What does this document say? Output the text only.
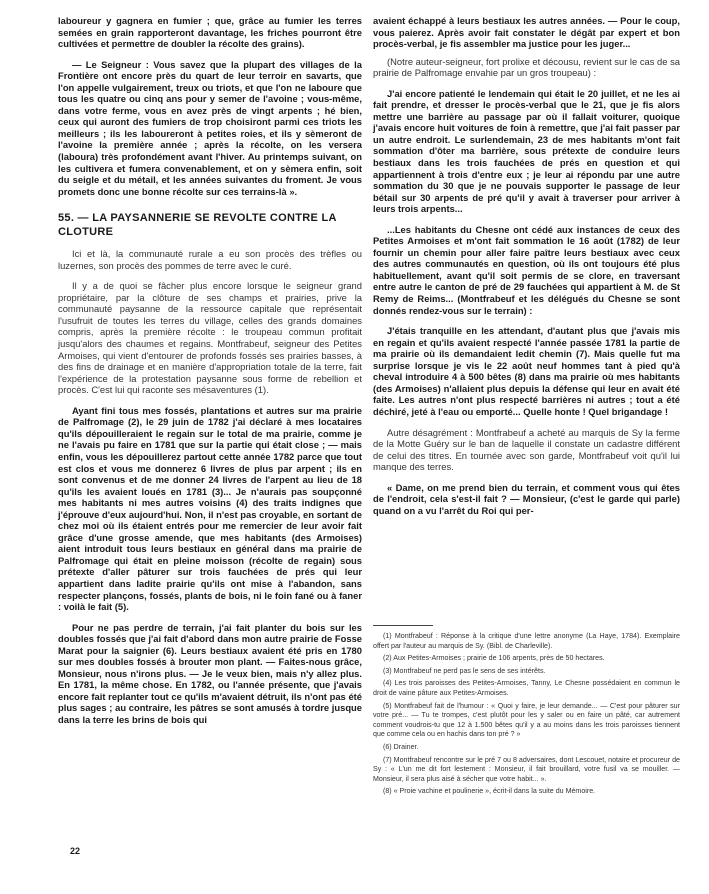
laboureur y gagnera en fumier ; que, grâce au fumier les terres semées en grain rapporteront davantage, les friches pourront être cultivées et permettre de doubler la récolte des grains).

— Le Seigneur : Vous savez que la plupart des villages de la Frontière ont encore près du quart de leur terroir en savarts, que l'on appelle vulgairement, treux ou triots, et que l'on ne laboure que tous les quatre ou cinq ans pour y semer de l'avoine ; vous-même, dans votre ferme, vous en avez près de vingt arpents ; hé bien, ceux qui auront des fumiers de trop choisiront parmi ces triots les meilleurs ; ils les laboureront à petites roies, et ils y sèmeront de l'avoine la première année ; après la récolte, on les versera (laboura) très profondément avant l'hiver. Au printemps suivant, on les cultivera et fumera convenablement, et on y sèmera enfin, soit du seigle et du métail, et les années suivantes du froment. Je vous promets donc une bonne récolte sur ces terrains-là ».

55. — LA PAYSANNERIE SE REVOLTE CONTRE LA CLOTURE

Ici et là, la communauté rurale a eu son procès des trèfles ou luzernes, son procès des pommes de terre avec le curé.

Il y a de quoi se fâcher plus encore lorsque le seigneur grand propriétaire, par la clôture de ses champs et prairies, prive la communauté paysanne de la ressource capitale que représentait l'usufruit de toutes les terres du village, celles des grands domaines compris, après la première récolte : le troupeau commun profitait jusqu'alors des chaumes et regains. Montfrabeuf, seigneur des Petites Armoises, qui vient d'entourer de profonds fossés ses prairies basses, à des fins de drainage et en manière d'appropriation totale de la terre, fait l'expérience de la protestation paysanne sous forme de rebellion et procès. C'est lui qui raconte ses mésaventures (1).

Ayant fini tous mes fossés, plantations et autres sur ma prairie de Palfromage (2), le 29 juin de 1782 j'ai déclaré à mes locataires qu'ils dépouilleraient le regain sur le total de ma prairie, comme je ne l'avais pu faire en 1781 que sur la partie qui était close ; — mais enfin, vous les dépouillerez partout cette année 1782 parce que tout est clos et vous me donnerez 6 livres de plus par arpent ; ils en sont convenus et de me donner 24 livres de l'arpent au lieu de 18 qu'ils les avaient loués en 1781 (3)... Je n'aurais pas soupçonné mes habitants ni mes autres voisins (4) des traits indignes que j'éprouve d'eux aujourd'hui. Non, il n'est pas croyable, en sortant de chez moi où ils étaient entrés pour me remercier de leur avoir fait grâce d'une grosse amende, que mes habitants (des Armoises) aient introduit tous leurs bestiaux en général dans ma prairie de Palfromage qui était en pleine moisson (récolte de regain) sous prétexte d'aller pâturer sur trois fauchées de prés qui leur appartient dans ladite prairie qu'ils ont mise à l'abandon, sans respecter plançons, fossés, plants de bois, ni le foin fané ou à faner : voilà le fait (5).

Pour ne pas perdre de terrain, j'ai fait planter du bois sur les doubles fossés que j'ai fait d'abord dans mon autre prairie de Fosse Marat pour la saignier (6). Leurs bestiaux avaient été pris en 1780 sur mes doubles fossés à brouter mon plant. — Faites-nous grâce, Monsieur, nous n'irons plus. — Je le veux bien, mais n'y allez plus. En 1781, la même chose. En 1782, ou l'année présente, que j'avais encore fait replanter tout ce qu'ils m'avaient détruit, ils n'ont pas été plus sages ; au contraire, les pâtres se sont amusés à tordre jusque dans la terre les brins de bois qui

avaient échappé à leurs bestiaux les autres années. — Pour le coup, vous paierez. Après avoir fait constater le dégât par expert et bon procès-verbal, je fis assembler ma justice pour les juger...

(Notre auteur-seigneur, fort prolixe et décousu, revient sur le cas de sa prairie de Palfromage envahie par un gros troupeau) :

J'ai encore patienté le lendemain qui était le 20 juillet, et ne les ai fait prendre, et dresser le procès-verbal que le 21, que je fis alors mettre une barrière au passage par où il fallait voiturer, quoique j'avais encore huit voitures de foin à remettre, que j'ai fait passer par un autre endroit. Le surlendemain, 23 de mes habitants m'ont fait sommation d'ôter ma barrière, sous prétexte de conduire leurs bestiaux dans les trois fauchées de prés en question et qui appartiennent à trois d'entre eux ; je leur ai répondu par une autre sommation du 30 que je ne pouvais supporter le passage de leur bétail sur 30 arpents de pré qu'il y avait à traverser pour arriver à leurs trois arpents...

...Les habitants du Chesne ont cédé aux instances de ceux des Petites Armoises et m'ont fait sommation le 16 août (1782) de leur fournir un chemin pour aller faire paître leurs bestiaux avec ceux des autres communautés en question, où ils ont toujours été plus habituellement, avant qu'il soit permis de se clore, en traversant entre autre le canton de pré de 29 fauchées qui appartient à M. de St Remy de Reims... (Montfrabeuf et les délégués du Chesne se sont donnés rendez-vous sur le terrain) :

J'étais tranquille en les attendant, d'autant plus que j'avais mis en regain et qu'ils avaient respecté l'année passée 1781 la partie de ma prairie où ils demandaient ledit chemin (7). Mais quelle fut ma surprise lorsque je vis le 22 août neuf hommes tant à pied qu'à cheval introduire 4 à 500 bêtes (8) dans ma prairie où mes habitants (des Armoises) n'allaient plus depuis la défense qui leur en avait été faite. Les autres n'ont plus respecté barrières ni autres ; tout a été déchiré, jeté à l'eau ou emporté... Quelle honte ! Quel brigandage !

Autre désagrément : Montfrabeuf a acheté au marquis de Sy la ferme de la Motte Guéry sur le ban de laquelle il constate un cadastre différent de celui des titres. En tournée avec son garde, Montfrabeuf voit qu'il lui manque des terres.

« Dame, on me prend bien du terrain, et comment vous qui êtes de l'endroit, cela s'est-il fait ? — Monsieur, (c'est le garde qui parle) quand on a vu l'arrêt du Roi qui per-

(1) Montfrabeuf : Réponse à la critique d'une lettre anonyme (La Haye, 1784). Exemplaire offert par l'auteur au marquis de Sy. (Bibl. de Charleville).

(2) Aux Petites-Armoises ; prairie de 106 arpents, près de 50 hectares.

(3) Montfrabeuf ne perd pas le sens de ses intérêts.

(4) Les trois paroisses des Petites-Armoises, Tanny, Le Chesne possédaient en commun le droit de vaine pâture aux Petites-Armoises.

(5) Montfrabeuf fait de l'humour : « Quoi y faire, je leur demande... — C'est pour pâturer sur votre pré... — Tu te trompes, c'est plutôt pour les y saler ou en faire un pâté, car autrement comment voudrois-tu que 12 à 1.500 bêtes qu'il y a au moins dans les trois paroisses tiennent que comme cela ou en hachis dans ton pré ? »

(6) Drainer.

(7) Montfrabeuf rencontre sur le pré 7 ou 8 adversaires, dont Lescouet, notaire et procureur de Sy : « L'un me dit fort lestement : Monsieur, il fait brouillard, votre fusil va se mouiller. — Monsieur, il sera plus aisé à sécher que votre habit... ».

(8) « Proie vachine et poulinerie », écrit-il dans la suite du Mémoire.

22
